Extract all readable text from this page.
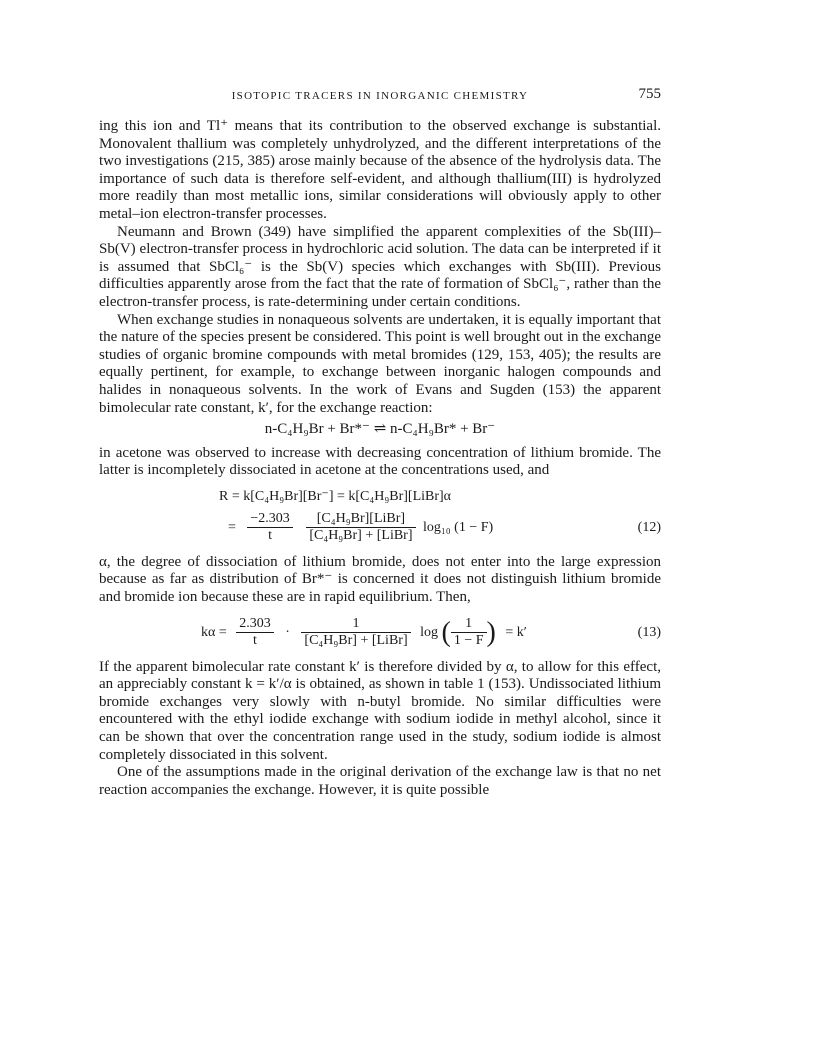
ISOTOPIC TRACERS IN INORGANIC CHEMISTRY	755

ing this ion and Tl⁺ means that its contribution to the observed exchange is substantial. Monovalent thallium was completely unhydrolyzed, and the different interpretations of the two investigations (215, 385) arose mainly because of the absence of the hydrolysis data. The importance of such data is therefore self-evident, and although thallium(III) is hydrolyzed more readily than most metallic ions, similar considerations will obviously apply to other metal–ion electron-transfer processes.

Neumann and Brown (349) have simplified the apparent complexities of the Sb(III)–Sb(V) electron-transfer process in hydrochloric acid solution. The data can be interpreted if it is assumed that SbCl₆⁻ is the Sb(V) species which exchanges with Sb(III). Previous difficulties apparently arose from the fact that the rate of formation of SbCl₆⁻, rather than the electron-transfer process, is rate-determining under certain conditions.

When exchange studies in nonaqueous solvents are undertaken, it is equally important that the nature of the species present be considered. This point is well brought out in the exchange studies of organic bromine compounds with metal bromides (129, 153, 405); the results are equally pertinent, for example, to exchange between inorganic halogen compounds and halides in nonaqueous solvents. In the work of Evans and Sugden (153) the apparent bimolecular rate constant, k′, for the exchange reaction:

n-C₄H₉Br + Br*⁻ ⇌ n-C₄H₉Br* + Br⁻

in acetone was observed to increase with decreasing concentration of lithium bromide. The latter is incompletely dissociated in acetone at the concentrations used, and

R = k[C₄H₉Br][Br⁻] = k[C₄H₉Br][LiBr]α
= $\frac{-2.303}{t}$
$\frac{\text{[C₄H₉Br][LiBr]}}{\text{[C₄H₉Br] + [LiBr]}} \log_{10}$ (1 − F)	(12)

α, the degree of dissociation of lithium bromide, does not enter into the large expression because as far as distribution of Br*⁻ is concerned it does not distinguish lithium bromide and bromide ion because these are in rapid equilibrium. Then,

$k\alpha = \frac{2.303}{t} \cdot \frac{1}{\text{[C₄H₉Br] + [LiBr]}}$ log ( $\frac{1}{1 - F}$ ) = k′	(13)

If the apparent bimolecular rate constant k′ is therefore divided by α, to allow for this effect, an appreciably constant k = k′/α is obtained, as shown in table 1 (153). Undissociated lithium bromide exchanges very slowly with n-butyl bromide. No similar difficulties were encountered with the ethyl iodide exchange with sodium iodide in methyl alcohol, since it can be shown that over the concentration range used in the study, sodium iodide is almost completely dissociated in this solvent.

One of the assumptions made in the original derivation of the exchange law is that no net reaction accompanies the exchange. However, it is quite possible
